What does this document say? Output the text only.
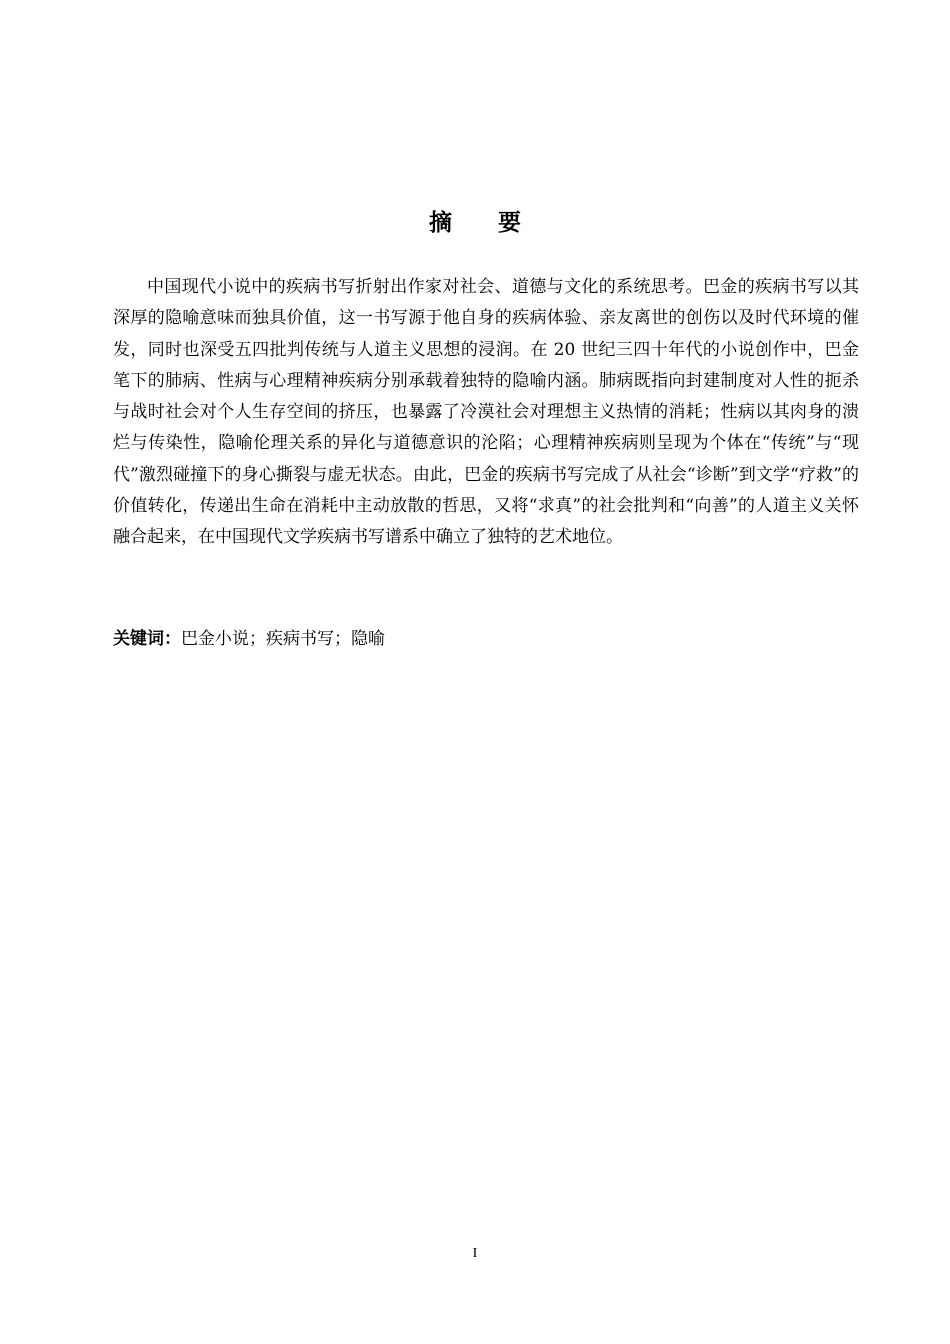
摘 要

中国现代小说中的疾病书写折射出作家对社会、道德与文化的系统思考。巴金的疾病书写以其深厚的隐喻意味而独具价值，这一书写源于他自身的疾病体验、亲友离世的创伤以及时代环境的催发，同时也深受五四批判传统与人道主义思想的浸润。在 20 世纪三四十年代的小说创作中，巴金笔下的肺病、性病与心理精神疾病分别承载着独特的隐喻内涵。肺病既指向封建制度对人性的扼杀与战时社会对个人生存空间的挤压，也暴露了冷漠社会对理想主义热情的消耗；性病以其肉身的溃烂与传染性，隐喻伦理关系的异化与道德意识的沦陷；心理精神疾病则呈现为个体在“传统”与“现代”激烈碰撞下的身心撕裂与虚无状态。由此，巴金的疾病书写完成了从社会“诊断”到文学“疗救”的价值转化，传递出生命在消耗中主动放散的哲思，又将“求真”的社会批判和“向善”的人道主义关怀融合起来，在中国现代文学疾病书写谱系中确立了独特的艺术地位。

关键词：巴金小说；疾病书写；隐喻
I
